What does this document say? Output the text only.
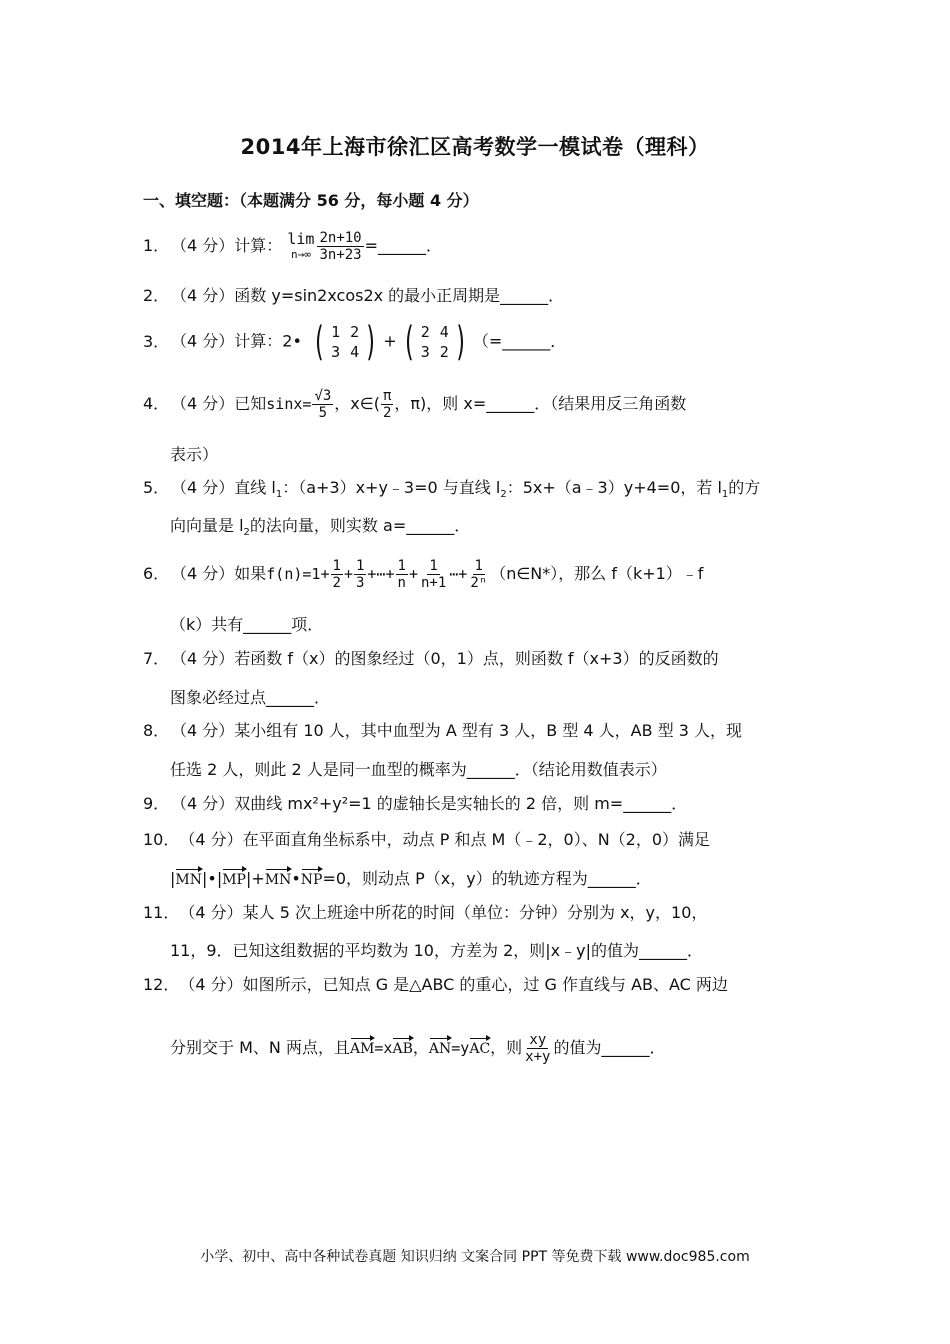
2014年上海市徐汇区高考数学一模试卷（理科）
一、填空题：（本题满分 56 分，每小题 4 分）
1． （4 分）计算： lim
$n\to\infty \frac{2n+10}{3n+23}$ =______．
2． （4 分）函数 y=sin2xcos2x 的最小正周期是______．
3． （4 分）计算：2• ( 1 2
3 4 ) + ( 2 4
3 2 ) （=______．
4． （4 分）已知$\sin x= \frac{√3}{5}$ ，x∈( $\frac{\pi}{2}$ ，π)，则 x=______．（结果用反三角函数
表示）
5． （4 分）直线 $l_1$：（a+3）x+y﹣3=0 与直线 $l_2$：5x+（a﹣3）y+4=0，若 $l_1$的方
向向量是 $l_2$的法向量，则实数 a=______．
6． （4 分）如果$f(n)=1+ \frac{1}{2} + \frac{1}{3}$ +⋯+ $\frac{1}{n} + \frac{1}{n+1}$ ⋯+ $\frac{1}{\text{2ⁿ}}$ （n∈N*），那么 f（k+1）﹣f
（k）共有______项．
7． （4 分）若函数 f（x）的图象经过（0，1）点，则函数 f（x+3）的反函数的
图象必经过点______．
8． （4 分）某小组有 10 人，其中血型为 A 型有 3 人，B 型 4 人，AB 型 3 人，现
任选 2 人，则此 2 人是同一血型的概率为______．（结论用数值表示）
9． （4 分）双曲线 mx²+y²=1 的虚轴长是实轴长的 2 倍，则 m=______．
10．（4 分）在平面直角坐标系中，动点 P 和点 M（﹣2，0）、N（2，0）满足
|MN|•|MP|+MN•NP=0，则动点 P（x，y）的轨迹方程为______．
11．（4 分）某人 5 次上班途中所花的时间（单位：分钟）分别为 x，y，10，
11，9．已知这组数据的平均数为 10，方差为 2，则|x﹣y|的值为______．
12．（4 分）如图所示，已知点 G 是△ABC 的重心，过 G 作直线与 AB、AC 两边
分别交于 M、N 两点，且AM=xAB，AN=yAC，则 $\frac{xy}{x+y}$ 的值为______．
小学、初中、高中各种试卷真题 知识归纳 文案合同 PPT 等免费下载 www.doc985.com
